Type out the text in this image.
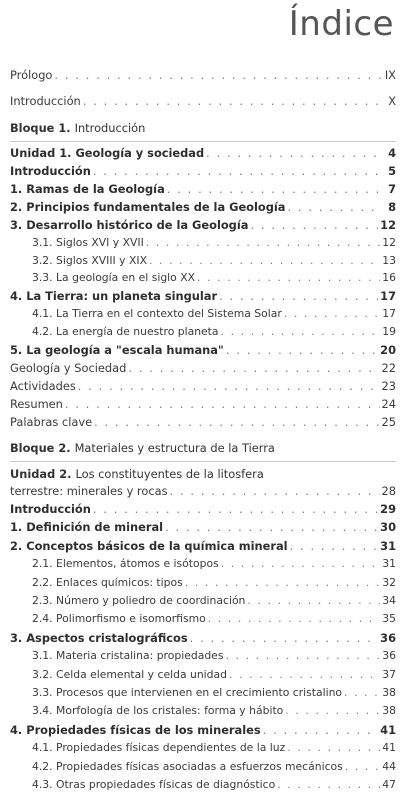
Índice
Prólogo . . .	IX
Introducción . . .	X
Bloque 1. Introducción
Unidad 1. Geología y sociedad . . .	4
Introducción . . .	5
1. Ramas de la Geología . . .	7
2. Principios fundamentales de la Geología . . .	8
3. Desarrollo histórico de la Geología . . .	12
3.1. Siglos XVI y XVII . . .	12
3.2. Siglos XVIII y XIX . . .	13
3.3. La geología en el siglo XX . . .	16
4. La Tierra: un planeta singular . . .	17
4.1. La Tierra en el contexto del Sistema Solar . . .	17
4.2. La energía de nuestro planeta . . .	19
5. La geología a "escala humana" . . .	20
Geología y Sociedad . . .	22
Actividades . . .	23
Resumen . . .	24
Palabras clave . . .	25
Bloque 2. Materiales y estructura de la Tierra
Unidad 2. Los constituyentes de la litosfera
terrestre: minerales y rocas . . .	28
Introducción . . .	29
1. Definición de mineral . . .	30
2. Conceptos básicos de la química mineral . . .	31
2.1. Elementos, átomos e isótopos . . .	31
2.2. Enlaces químicos: tipos . . .	32
2.3. Número y poliedro de coordinación . . .	34
2.4. Polimorfismo e isomorfismo . . .	35
3. Aspectos cristalográficos . . .	36
3.1. Materia cristalina: propiedades . . .	36
3.2. Celda elemental y celda unidad . . .	37
3.3. Procesos que intervienen en el crecimiento cristalino . . .	38
3.4. Morfología de los cristales: forma y hábito . . .	38
4. Propiedades físicas de los minerales . . .	41
4.1. Propiedades físicas dependientes de la luz . . .	41
4.2. Propiedades físicas asociadas a esfuerzos mecánicos . . .	44
4.3. Otras propiedades físicas de diagnóstico . . .	47
